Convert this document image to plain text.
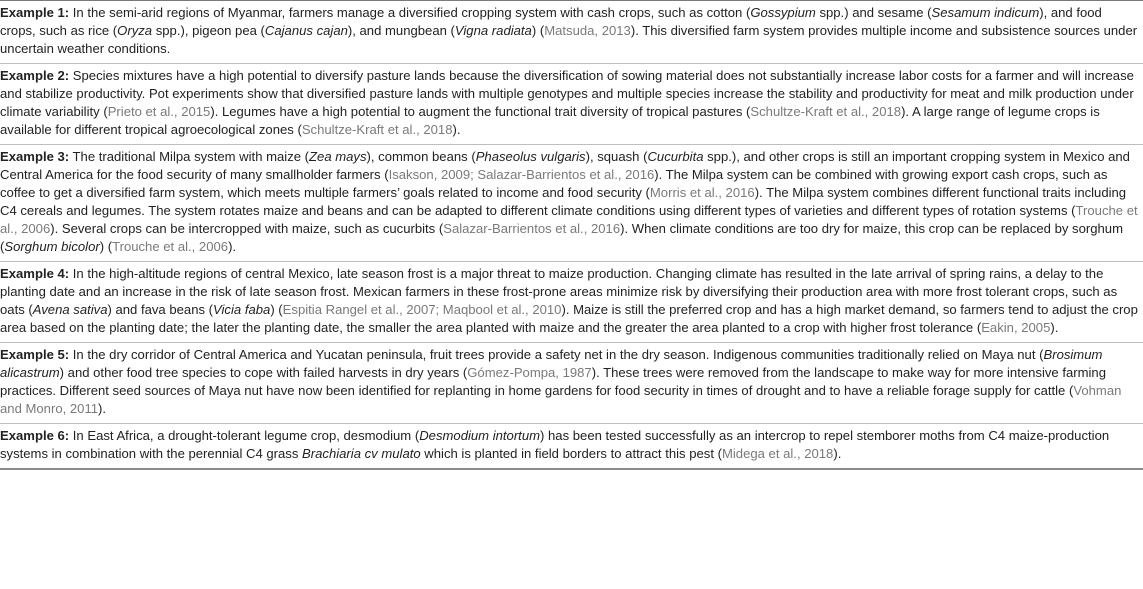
Example 1: In the semi-arid regions of Myanmar, farmers manage a diversified cropping system with cash crops, such as cotton (Gossypium spp.) and sesame (Sesamum indicum), and food crops, such as rice (Oryza spp.), pigeon pea (Cajanus cajan), and mungbean (Vigna radiata) (Matsuda, 2013). This diversified farm system provides multiple income and subsistence sources under uncertain weather conditions.

Example 2: Species mixtures have a high potential to diversify pasture lands because the diversification of sowing material does not substantially increase labor costs for a farmer and will increase and stabilize productivity. Pot experiments show that diversified pasture lands with multiple genotypes and multiple species increase the stability and productivity for meat and milk production under climate variability (Prieto et al., 2015). Legumes have a high potential to augment the functional trait diversity of tropical pastures (Schultze-Kraft et al., 2018). A large range of legume crops is available for different tropical agroecological zones (Schultze-Kraft et al., 2018).

Example 3: The traditional Milpa system with maize (Zea mays), common beans (Phaseolus vulgaris), squash (Cucurbita spp.), and other crops is still an important cropping system in Mexico and Central America for the food security of many smallholder farmers (Isakson, 2009; Salazar-Barrientos et al., 2016). The Milpa system can be combined with growing export cash crops, such as coffee to get a diversified farm system, which meets multiple farmers’ goals related to income and food security (Morris et al., 2016). The Milpa system combines different functional traits including C4 cereals and legumes. The system rotates maize and beans and can be adapted to different climate conditions using different types of varieties and different types of rotation systems (Trouche et al., 2006). Several crops can be intercropped with maize, such as cucurbits (Salazar-Barrientos et al., 2016). When climate conditions are too dry for maize, this crop can be replaced by sorghum (Sorghum bicolor) (Trouche et al., 2006).

Example 4: In the high-altitude regions of central Mexico, late season frost is a major threat to maize production. Changing climate has resulted in the late arrival of spring rains, a delay to the planting date and an increase in the risk of late season frost. Mexican farmers in these frost-prone areas minimize risk by diversifying their production area with more frost tolerant crops, such as oats (Avena sativa) and fava beans (Vicia faba) (Espitia Rangel et al., 2007; Maqbool et al., 2010). Maize is still the preferred crop and has a high market demand, so farmers tend to adjust the crop area based on the planting date; the later the planting date, the smaller the area planted with maize and the greater the area planted to a crop with higher frost tolerance (Eakin, 2005).

Example 5: In the dry corridor of Central America and Yucatan peninsula, fruit trees provide a safety net in the dry season. Indigenous communities traditionally relied on Maya nut (Brosimum alicastrum) and other food tree species to cope with failed harvests in dry years (Gómez-Pompa, 1987). These trees were removed from the landscape to make way for more intensive farming practices. Different seed sources of Maya nut have now been identified for replanting in home gardens for food security in times of drought and to have a reliable forage supply for cattle (Vohman and Monro, 2011).

Example 6: In East Africa, a drought-tolerant legume crop, desmodium (Desmodium intortum) has been tested successfully as an intercrop to repel stemborer moths from C4 maize-production systems in combination with the perennial C4 grass Brachiaria cv mulato which is planted in field borders to attract this pest (Midega et al., 2018).
